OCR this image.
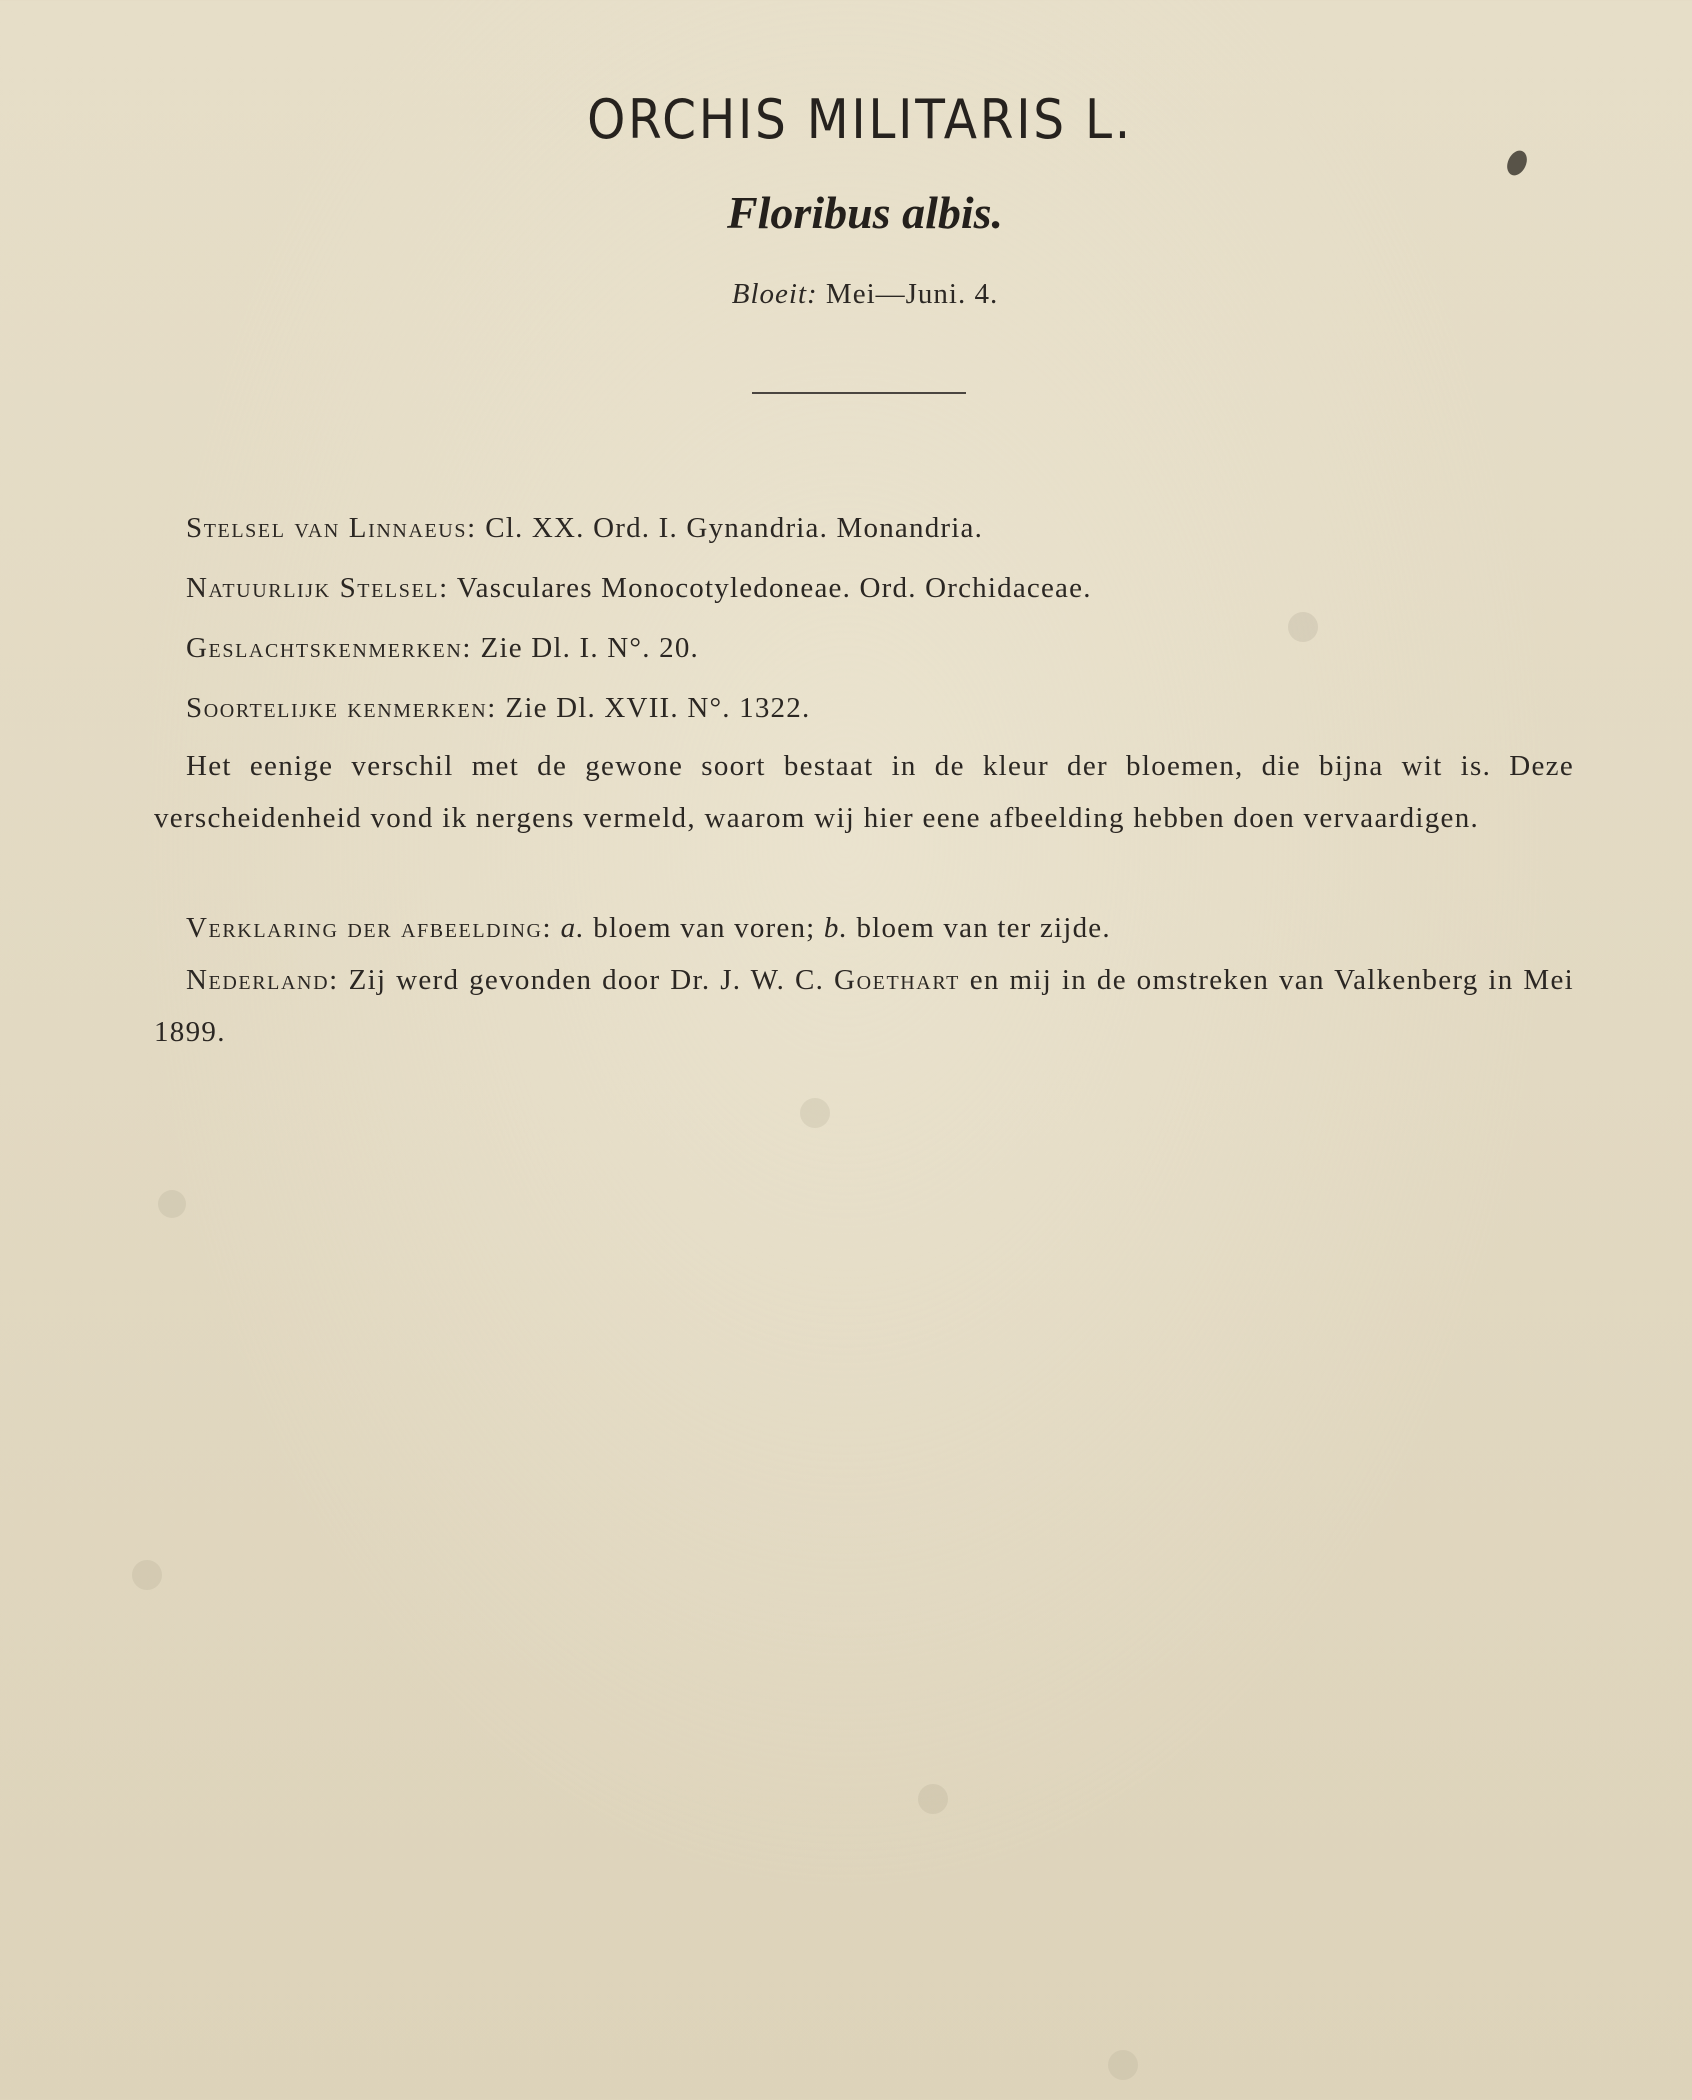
ORCHIS MILITARIS L.
Floribus albis.
Bloeit: Mei—Juni. 4.
Stelsel van Linnaeus: Cl. XX. Ord. I. Gynandria. Monandria.
Natuurlijk Stelsel: Vasculares Monocotyledoneae. Ord. Orchidaceae.
Geslachtskenmerken: Zie Dl. I. N°. 20.
Soortelijke kenmerken: Zie Dl. XVII. N°. 1322.

Het eenige verschil met de gewone soort bestaat in de kleur der bloemen, die bijna wit is. Deze verscheidenheid vond ik nergens vermeld, waarom wij hier eene afbeelding hebben doen vervaardigen.

Verklaring der afbeelding: a. bloem van voren; b. bloem van ter zijde.

Nederland: Zij werd gevonden door Dr. J. W. C. Goethart en mij in de omstreken van Valkenberg in Mei 1899.
